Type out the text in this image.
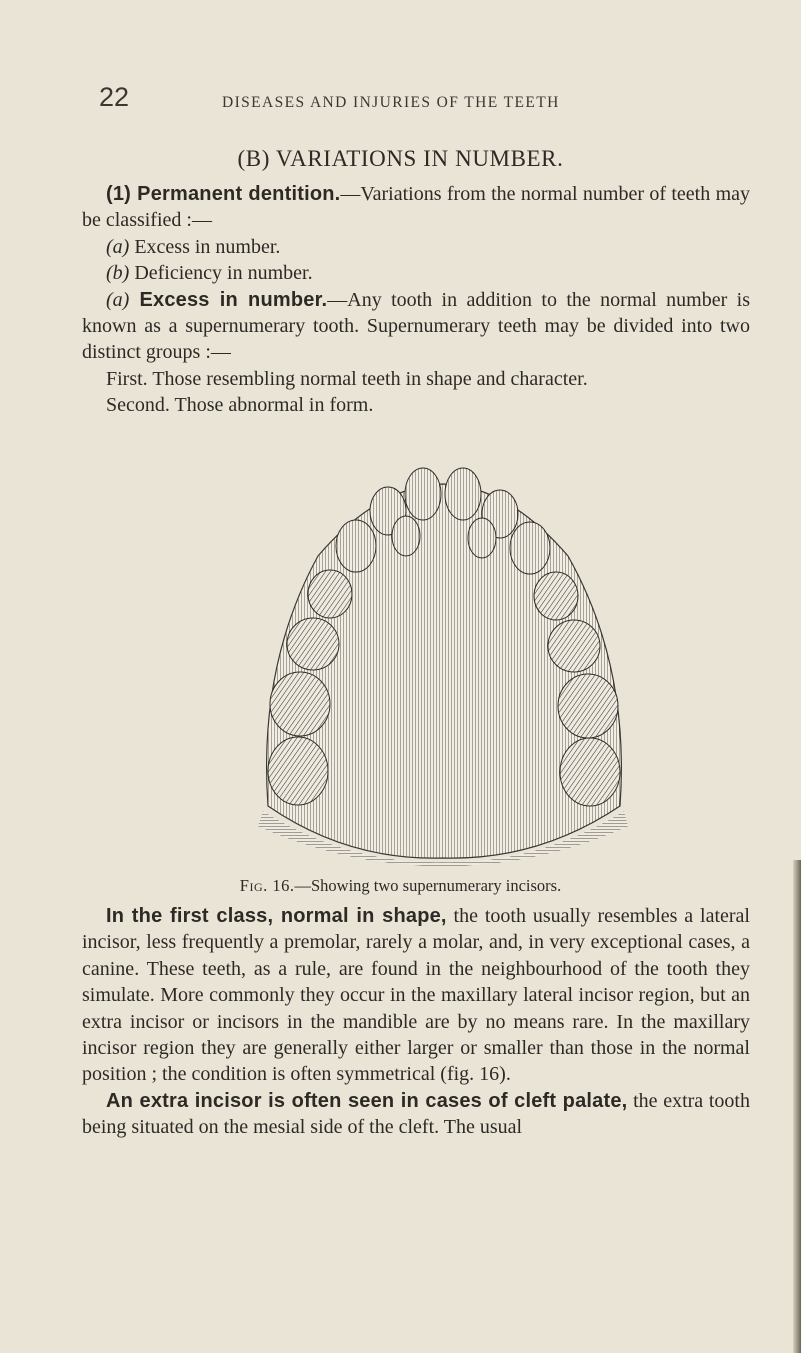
22	DISEASES AND INJURIES OF THE TEETH
(B) VARIATIONS IN NUMBER.

(1) Permanent dentition.—Variations from the normal number of teeth may be classified :—

(a) Excess in number.

(b) Deficiency in number.

(a) Excess in number.—Any tooth in addition to the normal number is known as a supernumerary tooth. Supernumerary teeth may be divided into two distinct groups :—

First. Those resembling normal teeth in shape and character.

Second. Those abnormal in form.

Fig. 16.—Showing two supernumerary incisors.

In the first class, normal in shape, the tooth usually resembles a lateral incisor, less frequently a premolar, rarely a molar, and, in very exceptional cases, a canine. These teeth, as a rule, are found in the neighbourhood of the tooth they simulate. More commonly they occur in the maxillary lateral incisor region, but an extra incisor or incisors in the mandible are by no means rare. In the maxillary incisor region they are generally either larger or smaller than those in the normal position ; the condition is often symmetrical (fig. 16).

An extra incisor is often seen in cases of cleft palate, the extra tooth being situated on the mesial side of the cleft. The usual
